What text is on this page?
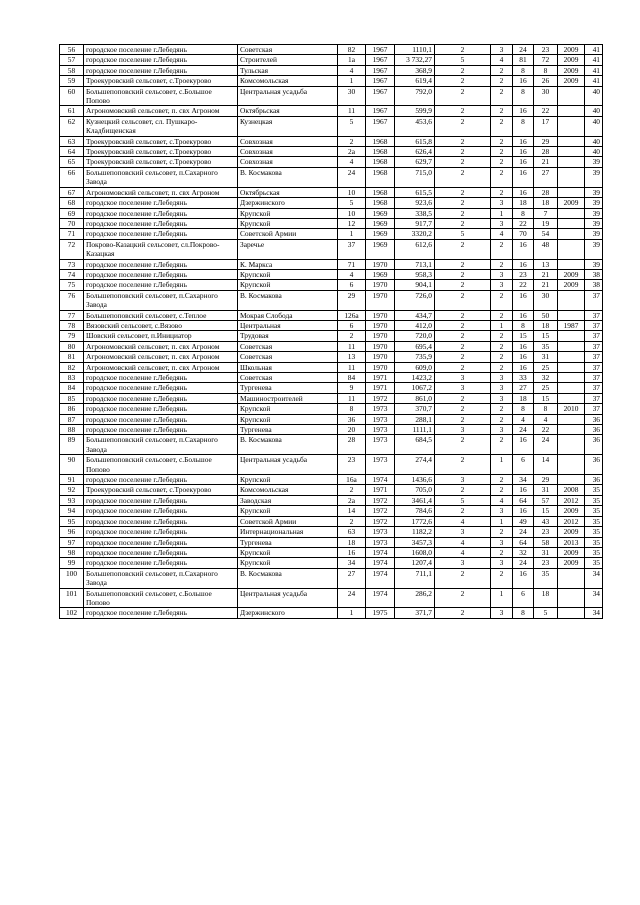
56	городское поселение г.Лебедянь	Советская	82	1967	1110,1	2	3	24	23	2009	41
57	городское поселение г.Лебедянь	Строителей	1а	1967	3 732,27	5	4	81	72	2009	41
58	городское поселение г.Лебедянь	Тульская	4	1967	368,9	2	2	8	8	2009	41
59	Троекуровский сельсовет, с.Троекурово	Комсомольская	1	1967	619,4	2	2	16	26	2009	41
60	Большепоповский сельсовет, с.Большое Попово	Центральная усадьба	30	1967	792,0	2	2	8	30		40
61	Агрономовский сельсовет, п. свх Агроном	Октябрьская	11	1967	599,9	2	2	16	22		40
62	Кузнецкий сельсовет, сл. Пушкаро-Кладбищенская	Кузнецкая	5	1967	453,6	2	2	8	17		40
63	Троекуровский сельсовет, с.Троекурово	Совхозная	2	1968	615,8	2	2	16	29		40
64	Троекуровский сельсовет, с.Троекурово	Совхозная	2а	1968	626,4	2	2	16	28		40
65	Троекуровский сельсовет, с.Троекурово	Совхозная	4	1968	629,7	2	2	16	21		39
66	Большепоповский сельсовет, п.Сахарного Завода	В. Космакова	24	1968	715,0	2	2	16	27		39
67	Агрономовский сельсовет, п. свх Агроном	Октябрьская	10	1968	615,5	2	2	16	28		39
68	городское поселение г.Лебедянь	Дзержинского	5	1968	923,6	2	3	18	18	2009	39
69	городское поселение г.Лебедянь	Крупской	10	1969	338,5	2	1	8	7		39
70	городское поселение г.Лебедянь	Крупской	12	1969	917,7	2	3	22	19		39
71	городское поселение г.Лебедянь	Советской Армии	1	1969	3320,2	5	4	70	54		39
72	Покрово-Казацкий сельсовет, сл.Покрово-Казацкая	Заречье	37	1969	612,6	2	2	16	48		39
73	городское поселение г.Лебедянь	К. Маркса	71	1970	713,1	2	2	16	13		39
74	городское поселение г.Лебедянь	Крупской	4	1969	958,3	2	3	23	21	2009	38
75	городское поселение г.Лебедянь	Крупской	6	1970	904,1	2	3	22	21	2009	38
76	Большепоповский сельсовет, п.Сахарного Завода	В. Космакова	29	1970	726,0	2	2	16	30		37
77	Большепоповский сельсовет, с.Теплое	Мокрая Слобода	126а	1970	434,7	2	2	16	50		37
78	Вязовский сельсовет, с.Вязово	Центральная	6	1970	412,0	2	1	8	18	1987	37
79	Шовский сельсовет, п.Инициатор	Трудовая	2	1970	720,0	2	2	15	15		37
80	Агрономовский сельсовет, п. свх Агроном	Советская	11	1970	695,4	2	2	16	35		37
81	Агрономовский сельсовет, п. свх Агроном	Советская	13	1970	735,9	2	2	16	31		37
82	Агрономовский сельсовет, п. свх Агроном	Школьная	11	1970	609,0	2	2	16	25		37
83	городское поселение г.Лебедянь	Советская	84	1971	1423,2	3	3	33	32		37
84	городское поселение г.Лебедянь	Тургенева	9	1971	1067,2	3	3	27	25		37
85	городское поселение г.Лебедянь	Машиностроителей	11	1972	861,0	2	3	18	15		37
86	городское поселение г.Лебедянь	Крупской	8	1973	370,7	2	2	8	8	2010	37
87	городское поселение г.Лебедянь	Крупской	36	1973	288,1	2	2	4	4		36
88	городское поселение г.Лебедянь	Тургенева	20	1973	1111,1	3	3	24	22		36
89	Большепоповский сельсовет, п.Сахарного Завода	В. Космакова	28	1973	684,5	2	2	16	24		36
90	Большепоповский сельсовет, с.Большое Попово	Центральная усадьба	23	1973	274,4	2	1	6	14		36
91	городское поселение г.Лебедянь	Крупской	16а	1974	1436,6	3	2	34	29		36
92	Троекуровский сельсовет, с.Троекурово	Комсомольская	2	1971	705,0	2	2	16	31	2008	35
93	городское поселение г.Лебедянь	Заводская	2а	1972	3461,4	5	4	64	57	2012	35
94	городское поселение г.Лебедянь	Крупской	14	1972	784,6	2	3	16	15	2009	35
95	городское поселение г.Лебедянь	Советской Армии	2	1972	1772,6	4	1	49	43	2012	35
96	городское поселение г.Лебедянь	Интернациональная	63	1973	1182,2	3	2	24	23	2009	35
97	городское поселение г.Лебедянь	Тургенева	18	1973	3457,3	4	3	64	58	2013	35
98	городское поселение г.Лебедянь	Крупской	16	1974	1608,0	4	2	32	31	2009	35
99	городское поселение г.Лебедянь	Крупской	34	1974	1207,4	3	3	24	23	2009	35
100	Большепоповский сельсовет, п.Сахарного Завода	В. Космакова	27	1974	711,1	2	2	16	35		34
101	Большепоповский сельсовет, с.Большое Попово	Центральная усадьба	24	1974	286,2	2	1	6	18		34
102	городское поселение г.Лебедянь	Дзержинского	1	1975	371,7	2	3	8	5		34
